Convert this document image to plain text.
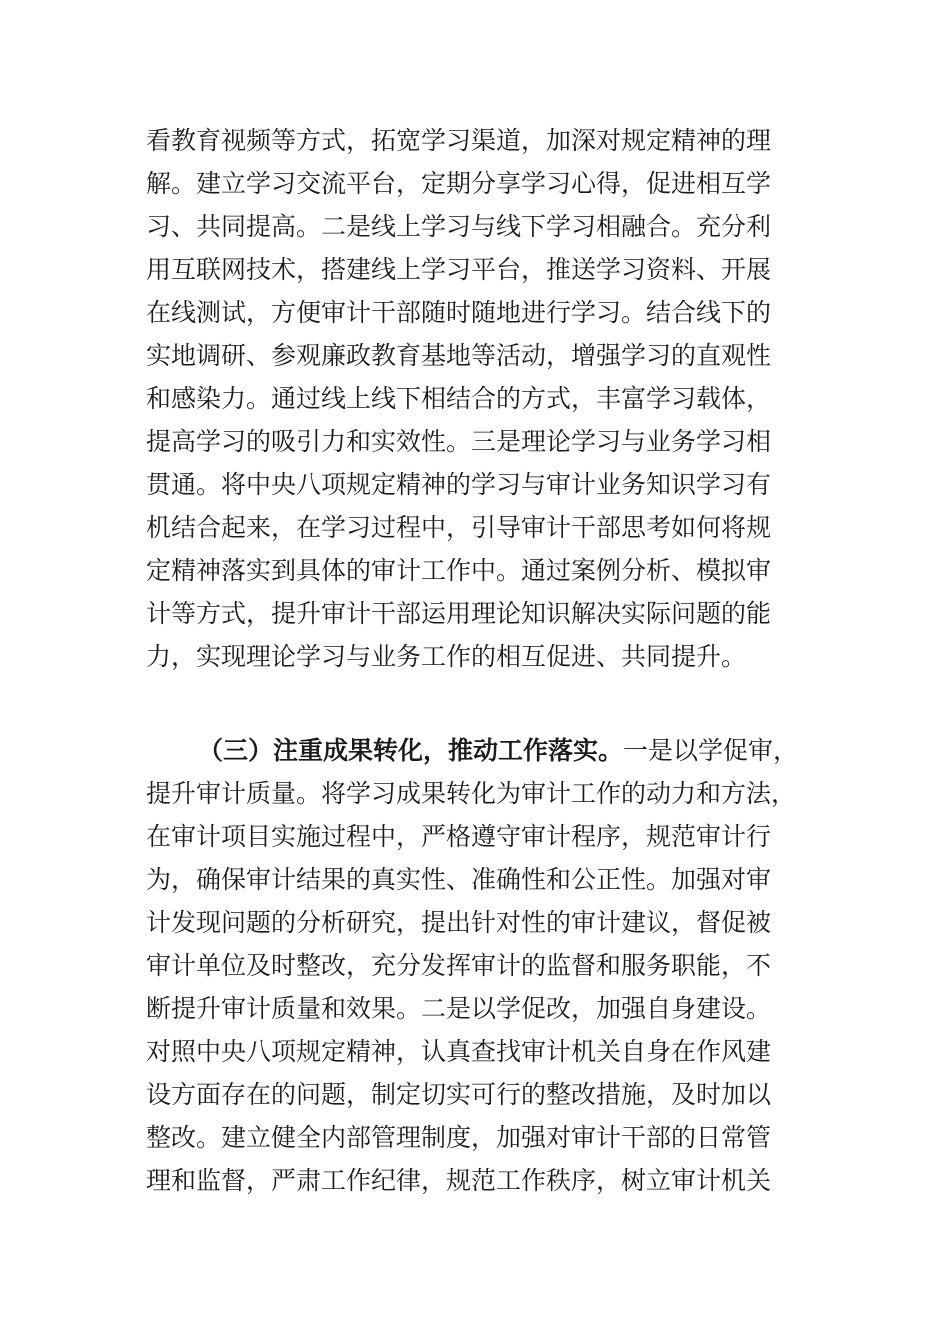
看教育视频等方式，拓宽学习渠道，加深对规定精神的理
解。建立学习交流平台，定期分享学习心得，促进相互学
习、共同提高。二是线上学习与线下学习相融合。充分利
用互联网技术，搭建线上学习平台，推送学习资料、开展
在线测试，方便审计干部随时随地进行学习。结合线下的
实地调研、参观廉政教育基地等活动，增强学习的直观性
和感染力。通过线上线下相结合的方式，丰富学习载体，
提高学习的吸引力和实效性。三是理论学习与业务学习相
贯通。将中央八项规定精神的学习与审计业务知识学习有
机结合起来，在学习过程中，引导审计干部思考如何将规
定精神落实到具体的审计工作中。通过案例分析、模拟审
计等方式，提升审计干部运用理论知识解决实际问题的能
力，实现理论学习与业务工作的相互促进、共同提升。
（三）注重成果转化，推动工作落实。一是以学促审，
提升审计质量。将学习成果转化为审计工作的动力和方法，
在审计项目实施过程中，严格遵守审计程序，规范审计行
为，确保审计结果的真实性、准确性和公正性。加强对审
计发现问题的分析研究，提出针对性的审计建议，督促被
审计单位及时整改，充分发挥审计的监督和服务职能，不
断提升审计质量和效果。二是以学促改，加强自身建设。
对照中央八项规定精神，认真查找审计机关自身在作风建
设方面存在的问题，制定切实可行的整改措施，及时加以
整改。建立健全内部管理制度，加强对审计干部的日常管
理和监督，严肃工作纪律，规范工作秩序，树立审计机关
